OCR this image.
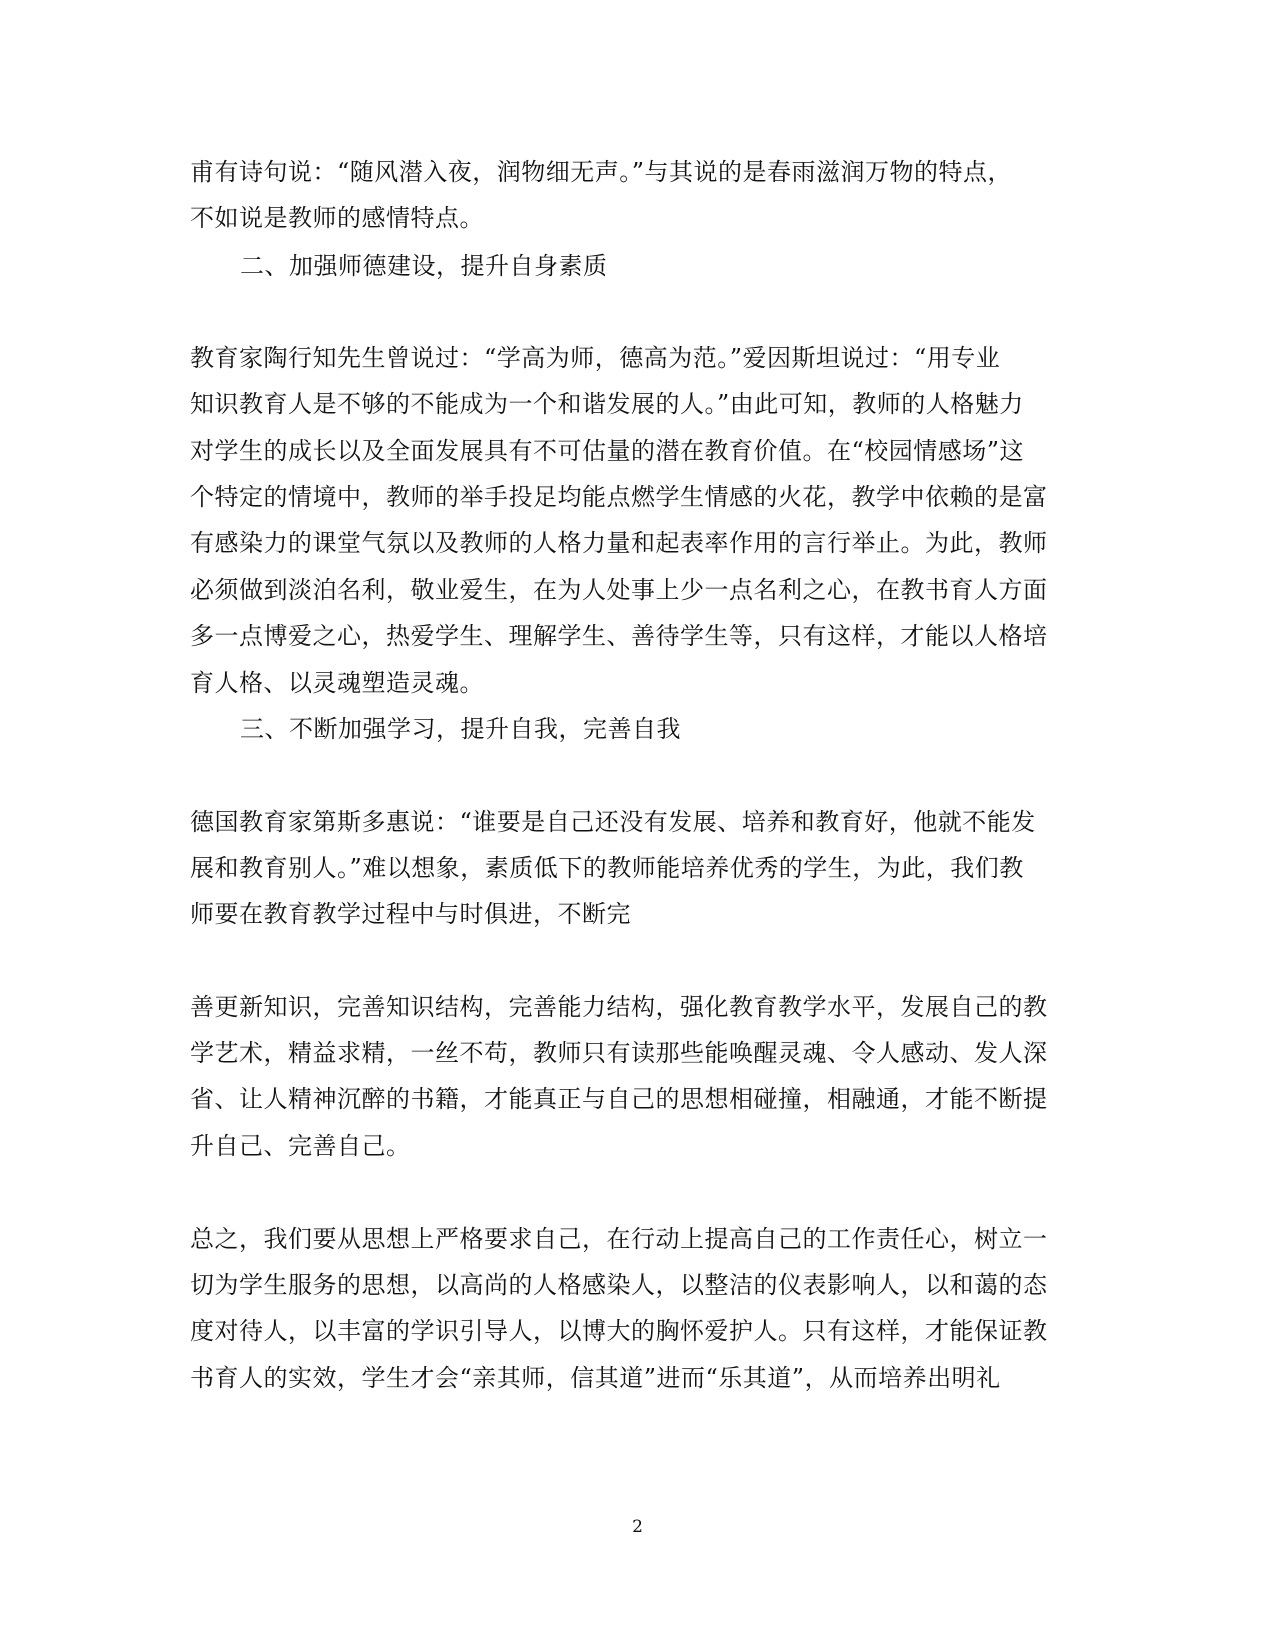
甫有诗句说：“随风潜入夜，润物细无声。”与其说的是春雨滋润万物的特点，
不如说是教师的感情特点。
二、加强师德建设，提升自身素质
教育家陶行知先生曾说过：“学高为师，德高为范。”爱因斯坦说过：“用专业
知识教育人是不够的不能成为一个和谐发展的人。”由此可知，教师的人格魅力
对学生的成长以及全面发展具有不可估量的潜在教育价值。在“校园情感场”这
个特定的情境中，教师的举手投足均能点燃学生情感的火花，教学中依赖的是富
有感染力的课堂气氛以及教师的人格力量和起表率作用的言行举止。为此，教师
必须做到淡泊名利，敬业爱生，在为人处事上少一点名利之心，在教书育人方面
多一点博爱之心，热爱学生、理解学生、善待学生等，只有这样，才能以人格培
育人格、以灵魂塑造灵魂。
三、不断加强学习，提升自我，完善自我
德国教育家第斯多惠说：“谁要是自己还没有发展、培养和教育好，他就不能发
展和教育别人。”难以想象，素质低下的教师能培养优秀的学生，为此，我们教
师要在教育教学过程中与时俱进，不断完
善更新知识，完善知识结构，完善能力结构，强化教育教学水平，发展自己的教
学艺术，精益求精，一丝不苟，教师只有读那些能唤醒灵魂、令人感动、发人深
省、让人精神沉醉的书籍，才能真正与自己的思想相碰撞，相融通，才能不断提
升自己、完善自己。
总之，我们要从思想上严格要求自己，在行动上提高自己的工作责任心，树立一
切为学生服务的思想，以高尚的人格感染人，以整洁的仪表影响人，以和蔼的态
度对待人，以丰富的学识引导人，以博大的胸怀爱护人。只有这样，才能保证教
书育人的实效，学生才会“亲其师，信其道”进而“乐其道”，从而培养出明礼
2
